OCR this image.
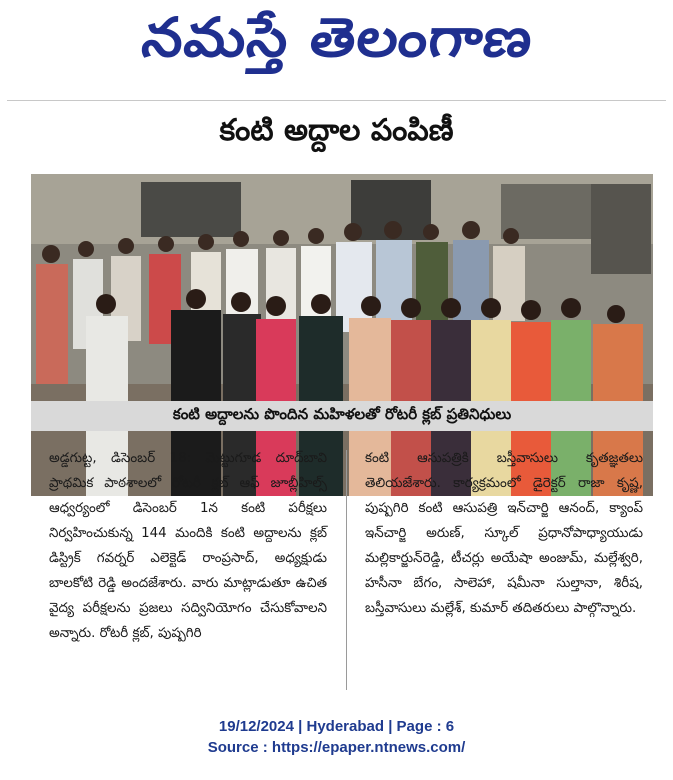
నమస్తే తెలంగాణ
కంటి అద్దాల పంపిణీ
కంటి అద్దాలను పొందిన మహిళలతో రోటరీ క్లబ్ ప్రతినిధులు
అడ్డగుట్ట, డిసెంబర్ 18: మెట్టుగూడ దూద్‌బావి ప్రాథమిక పాఠశాలలో రోటరీ క్లబ్ ఆఫ్ జూబ్లీహిల్స్ ఆధ్వర్యంలో డిసెంబర్ 1న కంటి పరీక్షలు నిర్వహించుకున్న 144 మందికి కంటి అద్దాలను క్లబ్ డిస్ట్రిక్ గవర్నర్ ఎలెక్టెడ్ రాంప్రసాద్, అధ్యక్షుడు బాలకోటి రెడ్డి అందజేశారు. వారు మాట్లాడుతూ ఉచిత వైద్య పరీక్షలను ప్రజలు సద్వినియోగం చేసుకోవాలని అన్నారు. రోటరీ క్లబ్, పుష్పగిరి
కంటి ఆసుపత్రికి బస్తీవాసులు కృతజ్ఞతలు తెలియజేశారు. కార్యక్రమంలో డైరెక్టర్ రాజా కృష్ణ, పుష్పగిరి కంటి ఆసుపత్రి ఇన్‌చార్జి ఆనంద్, క్యాంప్ ఇన్‌చార్జి అరుణ్, స్కూల్ ప్రధానోపాధ్యాయుడు మల్లికార్జున్‌రెడ్డి, టీచర్లు అయేషా అంజుమ్, మల్లేశ్వరి, హసీనా బేగం, సాలెహా, షమీనా సుల్తానా, శిరీష, బస్తీవాసులు మల్లేశ్, కుమార్ తదితరులు పాల్గొన్నారు.
19/12/2024 | Hyderabad | Page : 6
Source : https://epaper.ntnews.com/
